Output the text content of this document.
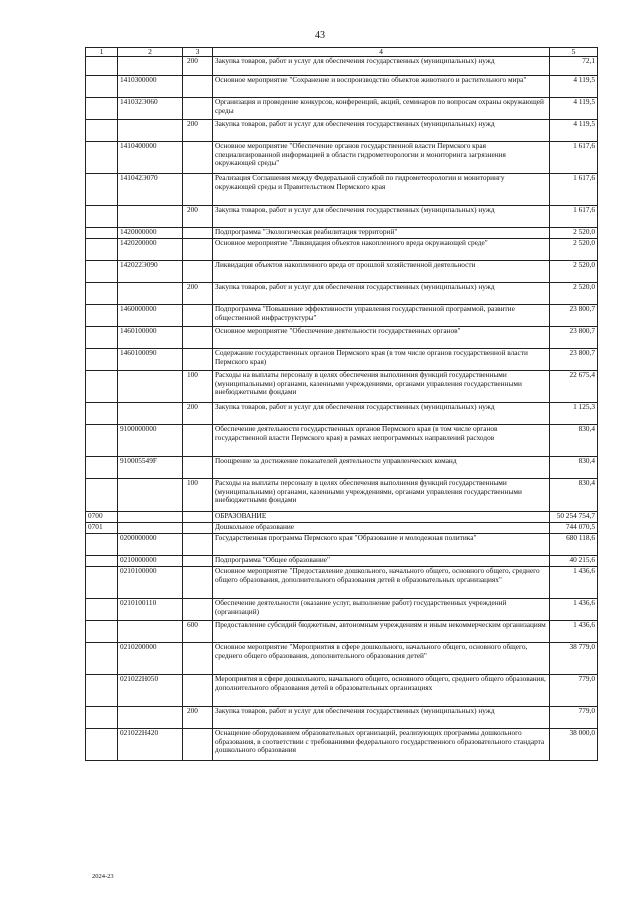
43
1	2	3	4	5
		200	Закупка товаров, работ и услуг для обеспечения государственных (муниципальных) нужд	72,1
	1410300000		Основное мероприятие "Сохранение и воспроизводство объектов животного и растительного мира"	4 119,5
	141032Э060		Организация и проведение конкурсов, конференций, акций, семинаров по вопросам охраны окружающей среды	4 119,5
		200	Закупка товаров, работ и услуг для обеспечения государственных (муниципальных) нужд	4 119,5
	1410400000		Основное мероприятие "Обеспечение органов государственной власти Пермского края специализированной информацией в области гидрометеорологии и мониторинга загрязнения окружающей среды"	1 617,6
	141042Э070		Реализация Соглашения между Федеральной службой по гидрометеорологии и мониторингу окружающей среды и Правительством Пермского края	1 617,6
		200	Закупка товаров, работ и услуг для обеспечения государственных (муниципальных) нужд	1 617,6
	1420000000		Подпрограмма "Экологическая реабилитация территорий"	2 520,0
	1420200000		Основное мероприятие "Ликвидация объектов накопленного вреда окружающей среде"	2 520,0
	142022Э090		Ликвидация объектов накопленного вреда от прошлой хозяйственной деятельности	2 520,0
		200	Закупка товаров, работ и услуг для обеспечения государственных (муниципальных) нужд	2 520,0
	1460000000		Подпрограмма "Повышение эффективности управления государственной программой, развитие общественной инфраструктуры"	23 800,7
	1460100000		Основное мероприятие "Обеспечение деятельности государственных органов"	23 800,7
	1460100090		Содержание государственных органов Пермского края (в том числе органов государственной власти Пермского края)	23 800,7
		100	Расходы на выплаты персоналу в целях обеспечения выполнения функций государственными (муниципальными) органами, казенными учреждениями, органами управления государственными внебюджетными фондами	22 675,4
		200	Закупка товаров, работ и услуг для обеспечения государственных (муниципальных) нужд	1 125,3
	9100000000		Обеспечение деятельности государственных органов Пермского края (в том числе органов государственной власти Пермского края) в рамках непрограммных направлений расходов	830,4
	910005549F		Поощрение за достижение показателей деятельности управленческих команд	830,4
		100	Расходы на выплаты персоналу в целях обеспечения выполнения функций государственными (муниципальными) органами, казенными учреждениями, органами управления государственными внебюджетными фондами	830,4
0700			ОБРАЗОВАНИЕ	50 254 754,7
0701			Дошкольное образование	744 070,5
	0200000000		Государственная программа Пермского края "Образование и молодежная политика"	680 118,6
	0210000000		Подпрограмма "Общее образование"	40 215,6
	0210100000		Основное мероприятие "Предоставление дошкольного, начального общего, основного общего, среднего общего образования, дополнительного образования детей в образовательных организациях"	1 436,6
	0210100110		Обеспечение деятельности (оказание услуг, выполнение работ) государственных учреждений (организаций)	1 436,6
		600	Предоставление субсидий бюджетным, автономным учреждениям и иным некоммерческим организациям	1 436,6
	0210200000		Основное мероприятие "Мероприятия в сфере дошкольного, начального общего, основного общего, среднего общего образования, дополнительного образования детей"	38 779,0
	021022Н050		Мероприятия в сфере дошкольного, начального общего, основного общего, среднего общего образования, дополнительного образования детей в образовательных организациях	779,0
		200	Закупка товаров, работ и услуг для обеспечения государственных (муниципальных) нужд	779,0
	021022Н420		Оснащение оборудованием образовательных организаций, реализующих программы дошкольного образования, в соответствии с требованиями федерального государственного образовательного стандарта дошкольного образования	38 000,0
2024-23
